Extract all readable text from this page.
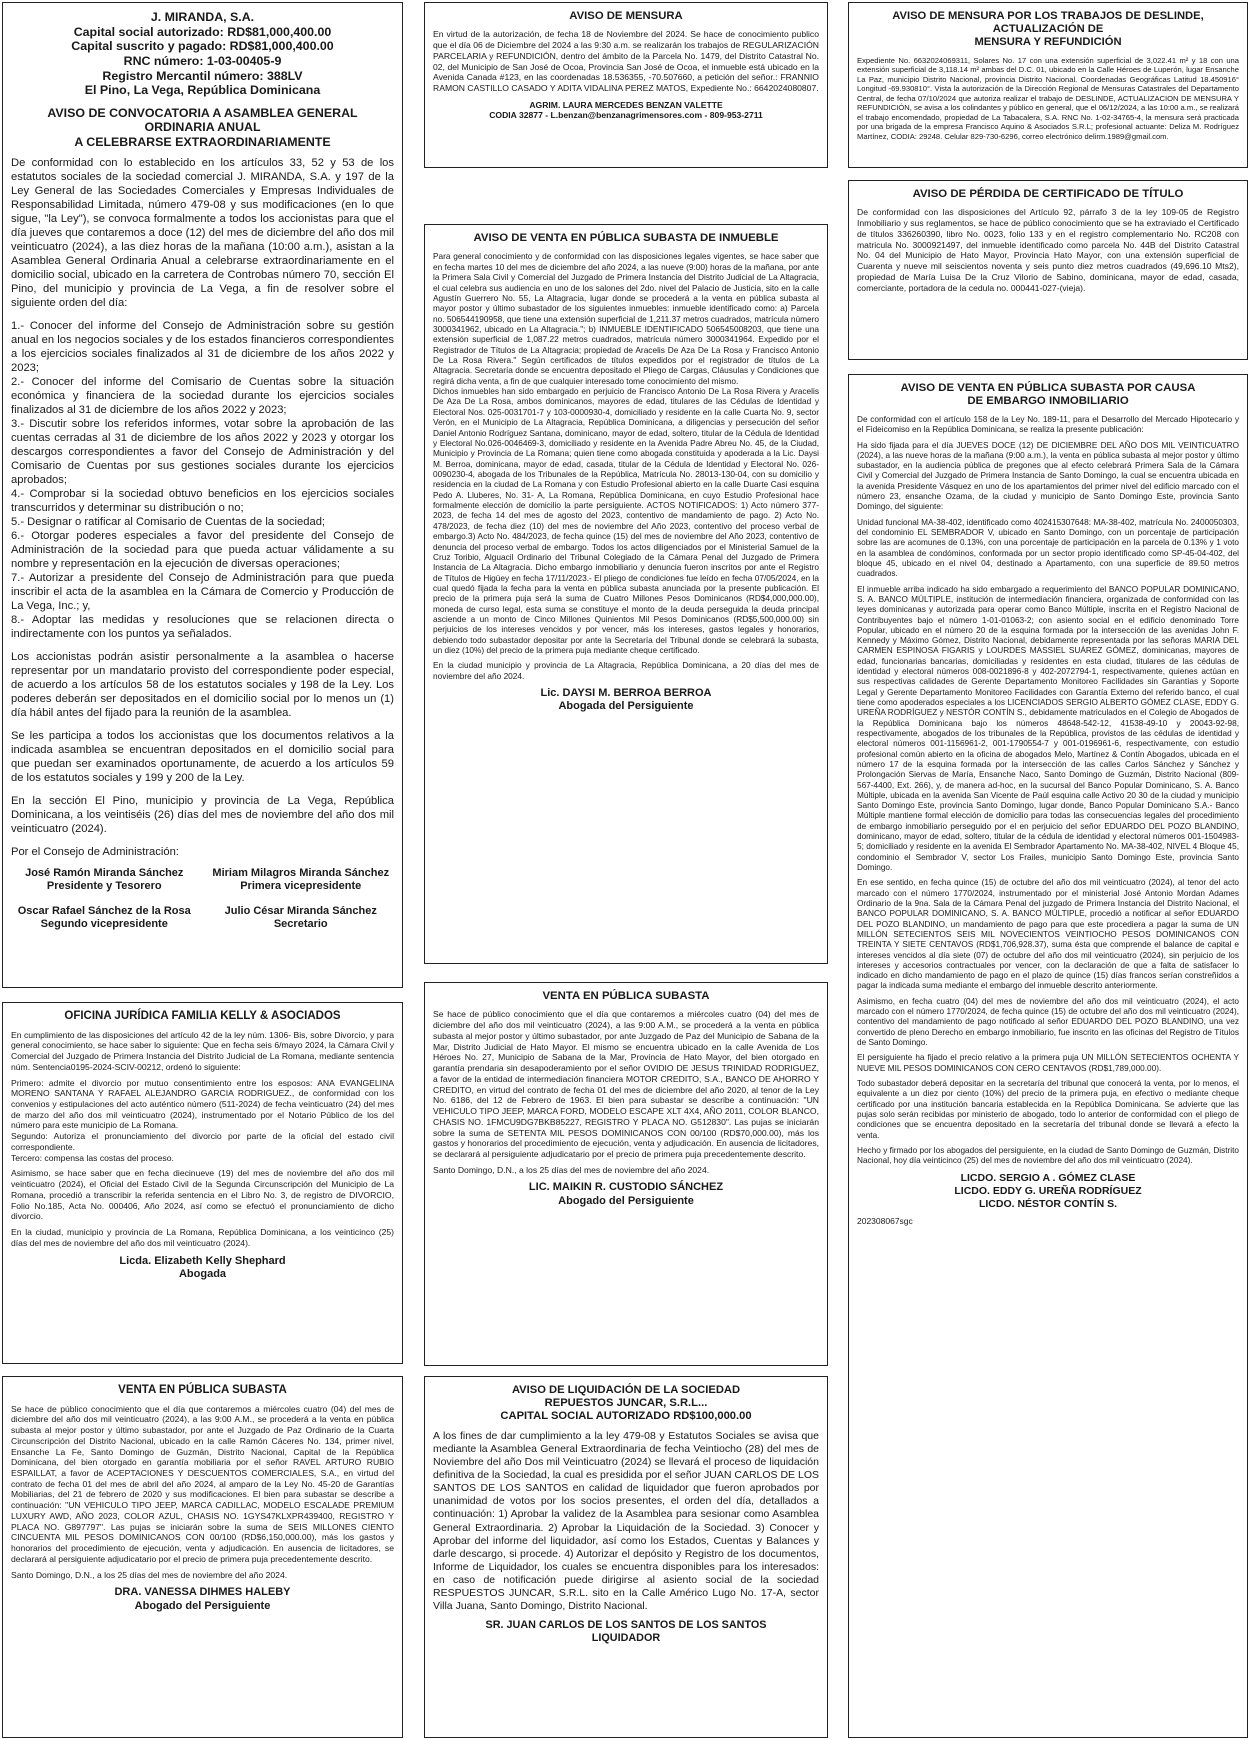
J. MIRANDA, S.A.
Capital social autorizado: RD$81,000,400.00
Capital suscrito y pagado: RD$81,000,400.00
RNC número: 1-03-00405-9
Registro Mercantil número: 388LV
El Pino, La Vega, República Dominicana
AVISO DE CONVOCATORIA A ASAMBLEA GENERAL
ORDINARIA ANUAL
A CELEBRARSE EXTRAORDINARIAMENTE

De conformidad con lo establecido en los artículos 33, 52 y 53 de los estatutos sociales de la sociedad comercial J. MIRANDA, S.A. y 197 de la Ley General de las Sociedades Comerciales y Empresas Individuales de Responsabilidad Limitada, número 479-08 y sus modificaciones (en lo que sigue, "la Ley"), se convoca formalmente a todos los accionistas para que el día jueves que contaremos a doce (12) del mes de diciembre del año dos mil veinticuatro (2024), a las diez horas de la mañana (10:00 a.m.), asistan a la Asamblea General Ordinaria Anual a celebrarse extraordinariamente en el domicilio social, ubicado en la carretera de Controbas número 70, sección El Pino, del municipio y provincia de La Vega, a fin de resolver sobre el siguiente orden del día:

1.- Conocer del informe del Consejo de Administración sobre su gestión anual en los negocios sociales y de los estados financieros correspondientes a los ejercicios sociales finalizados al 31 de diciembre de los años 2022 y 2023;
2.- Conocer del informe del Comisario de Cuentas sobre la situación económica y financiera de la sociedad durante los ejercicios sociales finalizados al 31 de diciembre de los años 2022 y 2023;
3.- Discutir sobre los referidos informes, votar sobre la aprobación de las cuentas cerradas al 31 de diciembre de los años 2022 y 2023 y otorgar los descargos correspondientes a favor del Consejo de Administración y del Comisario de Cuentas por sus gestiones sociales durante los ejercicios aprobados;
4.- Comprobar si la sociedad obtuvo beneficios en los ejercicios sociales transcurridos y determinar su distribución o no;
5.- Designar o ratificar al Comisario de Cuentas de la sociedad;
6.- Otorgar poderes especiales a favor del presidente del Consejo de Administración de la sociedad para que pueda actuar válidamente a su nombre y representación en la ejecución de diversas operaciones;
7.- Autorizar a presidente del Consejo de Administración para que pueda inscribir el acta de la asamblea en la Cámara de Comercio y Producción de La Vega, Inc.; y,
8.- Adoptar las medidas y resoluciones que se relacionen directa o indirectamente con los puntos ya señalados.

Los accionistas podrán asistir personalmente a la asamblea o hacerse representar por un mandatario provisto del correspondiente poder especial, de acuerdo a los artículos 58 de los estatutos sociales y 198 de la Ley. Los poderes deberán ser depositados en el domicilio social por lo menos un (1) día hábil antes del fijado para la reunión de la asamblea.

Se les participa a todos los accionistas que los documentos relativos a la indicada asamblea se encuentran depositados en el domicilio social para que puedan ser examinados oportunamente, de acuerdo a los artículos 59 de los estatutos sociales y 199 y 200 de la Ley.

En la sección El Pino, municipio y provincia de La Vega, República Dominicana, a los veintiséis (26) días del mes de noviembre del año dos mil veinticuatro (2024).

Por el Consejo de Administración:

José Ramón Miranda Sánchez
Presidente y Tesorero
Miriam Milagros Miranda Sánchez
Primera vicepresidente
Oscar Rafael Sánchez de la Rosa
Segundo vicepresidente
Julio César Miranda Sánchez
Secretario
OFICINA JURÍDICA FAMILIA KELLY & ASOCIADOS

En cumplimiento de las disposiciones del artículo 42 de la ley núm. 1306- Bis, sobre Divorcio, y para general conocimiento, se hace saber lo siguiente: Que en fecha seis 6/mayo 2024, la Cámara Civil y Comercial del Juzgado de Primera Instancia del Distrito Judicial de La Romana, mediante sentencia núm. Sentencia0195-2024-SCIV-00212, ordenó lo siguiente:

Primero: admite el divorcio por mutuo consentimiento entre los esposos: ANA EVANGELINA MORENO SANTANA Y RAFAEL ALEJANDRO GARCIA RODRIGUEZ., de conformidad con los convenios y estipulaciones del acto auténtico número (511-2024) de fecha veinticuatro (24) del mes de marzo del año dos mil veinticuatro (2024), instrumentado por el Notario Público de los del número para este municipio de La Romana.
Segundo: Autoriza el pronunciamiento del divorcio por parte de la oficial del estado civil correspondiente.
Tercero: compensa las costas del proceso.

Asimismo, se hace saber que en fecha diecinueve (19) del mes de noviembre del año dos mil veinticuatro (2024), el Oficial del Estado Civil de la Segunda Circunscripción del Municipio de La Romana, procedió a transcribir la referida sentencia en el Libro No. 3, de registro de DIVORCIO, Folio No.185, Acta No. 000406, Año 2024, así como se efectuó el pronunciamiento de dicho divorcio.

En la ciudad, municipio y provincia de La Romana, República Dominicana, a los veinticinco (25) días del mes de noviembre del año dos mil veinticuatro (2024).

Licda. Elizabeth Kelly Shephard
Abogada
VENTA EN PÚBLICA SUBASTA

Se hace de público conocimiento que el día que contaremos a miércoles cuatro (04) del mes de diciembre del año dos mil veinticuatro (2024), a las 9:00 A.M., se procederá a la venta en pública subasta al mejor postor y último subastador, por ante el Juzgado de Paz Ordinario de la Cuarta Circunscripción del Distrito Nacional, ubicado en la calle Ramón Cáceres No. 134, primer nivel, Ensanche La Fe, Santo Domingo de Guzmán, Distrito Nacional, Capital de la República Dominicana, del bien otorgado en garantía mobiliaria por el señor RAVEL ARTURO RUBIO ESPAILLAT, a favor de ACEPTACIONES Y DESCUENTOS COMERCIALES, S.A., en virtud del contrato de fecha 01 del mes de abril del año 2024, al amparo de la Ley No. 45-20 de Garantías Mobiliarias, del 21 de febrero de 2020 y sus modificaciones. El bien para subastar se describe a continuación: "UN VEHICULO TIPO JEEP, MARCA CADILLAC, MODELO ESCALADE PREMIUM LUXURY AWD, AÑO 2023, COLOR AZUL, CHASIS NO. 1GYS47KLXPR439400, REGISTRO Y PLACA NO. G897797". Las pujas se iniciarán sobre la suma de SEIS MILLONES CIENTO CINCUENTA MIL PESOS DOMINICANOS CON 00/100 (RD$6,150,000.00), más los gastos y honorarios del procedimiento de ejecución, venta y adjudicación. En ausencia de licitadores, se declarará al persiguiente adjudicatario por el precio de primera puja precedentemente descrito.

Santo Domingo, D.N., a los 25 días del mes de noviembre del año 2024.

DRA. VANESSA DIHMES HALEBY
Abogado del Persiguiente
AVISO DE MENSURA

En virtud de la autorización, de fecha 18 de Noviembre del 2024. Se hace de conocimiento publico que el día 06 de Diciembre del 2024 a las 9:30 a.m. se realizarán los trabajos de REGULARIZACIÓN PARCELARIA y REFUNDICIÓN, dentro del ámbito de la Parcela No. 1479, del Distrito Catastral No. 02, del Municipio de San José de Ocoa, Provincia San José de Ocoa, el inmueble está ubicado en la Avenida Canada #123, en las coordenadas 18.536355, -70.507660, a petición del señor.: FRANNIO RAMON CASTILLO CASADO Y ADITA VIDALINA PEREZ MATOS, Expediente No.: 6642024080807.

AGRIM. LAURA MERCEDES BENZAN VALETTE
CODIA 32877 - L.benzan@benzanagrimensores.com - 809-953-2711
AVISO DE VENTA EN PÚBLICA SUBASTA DE INMUEBLE

Para general conocimiento y de conformidad con las disposiciones legales vigentes, se hace saber que en fecha martes 10 del mes de diciembre del año 2024, a las nueve (9:00) horas de la mañana, por ante la Primera Sala Civil y Comercial del Juzgado de Primera Instancia del Distrito Judicial de La Altagracia, el cual celebra sus audiencia en uno de los salones del 2do. nivel del Palacio de Justicia, sito en la calle Agustín Guerrero No. 55, La Altagracia, lugar donde se procederá a la venta en pública subasta al mayor postor y último subastador de los siguientes inmuebles: inmueble identificado como: a) Parcela no. 506544190958, que tiene una extensión superficial de 1,211.37 metros cuadrados, matrícula número 3000341962, ubicado en La Altagracia."; b) INMUEBLE IDENTIFICADO 506545008203, que tiene una extensión superficial de 1,087.22 metros cuadrados, matrícula número 3000341964. Expedido por el Registrador de Títulos de La Altagracia; propiedad de Aracelis De Aza De La Rosa y Francisco Antonio De La Rosa Rivera." Según certificados de títulos expedidos por el registrador de títulos de La Altagracia. Secretaría donde se encuentra depositado el Pliego de Cargas, Cláusulas y Condiciones que regirá dicha venta, a fin de que cualquier interesado tome conocimiento del mismo.
Dichos inmuebles han sido embargado en perjuicio de Francisco Antonio De La Rosa Rivera y Aracelis De Aza De La Rosa, ambos dominicanos, mayores de edad, titulares de las Cédulas de Identidad y Electoral Nos. 025-0031701-7 y 103-0000930-4, domiciliado y residente en la calle Cuarta No. 9, sector Verón, en el Municipio de La Altagracia, República Dominicana, a diligencias y persecución del señor Daniel Antonio Rodríguez Santana, dominicano, mayor de edad, soltero, titular de la Cédula de Identidad y Electoral No.026-0046469-3, domiciliado y residente en la Avenida Padre Abreu No. 45, de la Ciudad, Municipio y Provincia de La Romana; quien tiene como abogada constituida y apoderada a la Lic. Daysi M. Berroa, dominicana, mayor de edad, casada, titular de la Cédula de Identidad y Electoral No. 026-0090230-4, abogada de los Tribunales de la República, Matrícula No. 28013-130-04, con su domicilio y residencia en la ciudad de La Romana y con Estudio Profesional abierto en la calle Duarte Casi esquina Pedo A. Lluberes, No. 31- A, La Romana, República Dominicana, en cuyo Estudio Profesional hace formalmente elección de domicilio la parte persiguiente. ACTOS NOTIFICADOS: 1) Acto número 377-2023, de fecha 14 del mes de agosto del 2023, contentivo de mandamiento de pago. 2) Acto No. 478/2023, de fecha diez (10) del mes de noviembre del Año 2023, contentivo del proceso verbal de embargo.3) Acto No. 484/2023, de fecha quince (15) del mes de noviembre del Año 2023, contentivo de denuncia del proceso verbal de embargo. Todos los actos diligenciados por el Ministerial Samuel de la Cruz Toribio, Alguacil Ordinario del Tribunal Colegiado de la Cámara Penal del Juzgado de Primera Instancia de La Altagracia. Dicho embargo inmobiliario y denuncia fueron inscritos por ante el Registro de Títulos de Higüey en fecha 17/11/2023.- El pliego de condiciones fue leído en fecha 07/05/2024, en la cual quedó fijada la fecha para la venta en pública subasta anunciada por la presente publicación. El precio de la primera puja será la suma de Cuatro Millones Pesos Dominicanos (RD$4,000,000.00), moneda de curso legal, esta suma se constituye el monto de la deuda perseguida la deuda principal asciende a un monto de Cinco Millones Quinientos Mil Pesos Dominicanos (RD$5,500,000.00) sin perjuicios de los intereses vencidos y por vencer, más los intereses, gastos legales y honorarios, debiendo todo subastador depositar por ante la Secretaría del Tribunal donde se celebrará la subasta, un diez (10%) del precio de la primera puja mediante cheque certificado.

En la ciudad municipio y provincia de La Altagracia, República Dominicana, a 20 días del mes de noviembre del año 2024.

Lic. DAYSI M. BERROA BERROA
Abogada del Persiguiente
VENTA EN PÚBLICA SUBASTA

Se hace de público conocimiento que el día que contaremos a miércoles cuatro (04) del mes de diciembre del año dos mil veinticuatro (2024), a las 9:00 A.M., se procederá a la venta en pública subasta al mejor postor y último subastador, por ante Juzgado de Paz del Municipio de Sabana de la Mar, Distrito Judicial de Hato Mayor. El mismo se encuentra ubicado en la calle Avenida de Los Héroes No. 27, Municipio de Sabana de la Mar, Provincia de Hato Mayor, del bien otorgado en garantía prendaria sin desapoderamiento por el señor OVIDIO DE JESUS TRINIDAD RODRIGUEZ, a favor de la entidad de intermediación financiera MOTOR CREDITO, S.A., BANCO DE AHORRO Y CREDITO, en virtud del contrato de fecha 01 del mes de diciembre del año 2020, al tenor de la Ley No. 6186, del 12 de Febrero de 1963. El bien para subastar se describe a continuación: "UN VEHICULO TIPO JEEP, MARCA FORD, MODELO ESCAPE XLT 4X4, AÑO 2011, COLOR BLANCO, CHASIS NO. 1FMCU9DG7BKB85227, REGISTRO Y PLACA NO. G512830". Las pujas se iniciarán sobre la suma de SETENTA MIL PESOS DOMINICANOS CON 00/100 (RD$70,000.00), más los gastos y honorarios del procedimiento de ejecución, venta y adjudicación. En ausencia de licitadores, se declarará al persiguiente adjudicatario por el precio de primera puja precedentemente descrito.

Santo Domingo, D.N., a los 25 días del mes de noviembre del año 2024.

LIC. MAIKIN R. CUSTODIO SÁNCHEZ
Abogado del Persiguiente
AVISO DE LIQUIDACIÓN DE LA SOCIEDAD
REPUESTOS JUNCAR, S.R.L...
CAPITAL SOCIAL AUTORIZADO RD$100,000.00

A los fines de dar cumplimiento a la ley 479-08 y Estatutos Sociales se avisa que mediante la Asamblea General Extraordinaria de fecha Veintiocho (28) del mes de Noviembre del año Dos mil Veinticuatro (2024) se llevará el proceso de liquidación definitiva de la Sociedad, la cual es presidida por el señor JUAN CARLOS DE LOS SANTOS DE LOS SANTOS en calidad de liquidador que fueron aprobados por unanimidad de votos por los socios presentes, el orden del día, detallados a continuación: 1) Aprobar la validez de la Asamblea para sesionar como Asamblea General Extraordinaria. 2) Aprobar la Liquidación de la Sociedad. 3) Conocer y Aprobar del informe del liquidador, así como los Estados, Cuentas y Balances y darle descargo, si procede. 4) Autorizar el depósito y Registro de los documentos, Informe de Liquidador, los cuales se encuentra disponibles para los interesados: en caso de notificación puede dirigirse al asiento social de la sociedad RESPUESTOS JUNCAR, S.R.L. sito en la Calle Américo Lugo No. 17-A, sector Villa Juana, Santo Domingo, Distrito Nacional.

SR. JUAN CARLOS DE LOS SANTOS DE LOS SANTOS
LIQUIDADOR
AVISO DE MENSURA POR LOS TRABAJOS DE DESLINDE,
ACTUALIZACIÓN DE
MENSURA Y REFUNDICIÓN

Expediente No. 6632024069311, Solares No. 17 con una extensión superficial de 3,022.41 m² y 18 con una extensión superficial de 3,118.14 m² ambas del D.C. 01, ubicado en la Calle Héroes de Luperón, lugar Ensanche La Paz, municipio Distrito Nacional, provincia Distrito Nacional. Coordenadas Geográficas Latitud 18.450916° Longitud -69.930810°. Vista la autorización de la Dirección Regional de Mensuras Catastrales del Departamento Central, de fecha 07/10/2024 que autoriza realizar el trabajo de DESLINDE, ACTUALIZACION DE MENSURA Y REFUNDICIÓN, se avisa a los colindantes y público en general, que el 06/12/2024, a las 10:00 a.m., se realizará el trabajo encomendado, propiedad de La Tabacalera, S.A. RNC No. 1-02-34765-4, la mensura será practicada por una brigada de la empresa Francisco Aquino & Asociados S.R.L; profesional actuante: Deliza M. Rodríguez Martínez, CODIA: 29248. Celular 829-730-6296, correo electrónico delirm.1989@gmail.com.

AVISO DE PÉRDIDA DE CERTIFICADO DE TÍTULO

De conformidad con las disposiciones del Artículo 92, párrafo 3 de la ley 109-05 de Registro Inmobiliario y sus reglamentos, se hace de público conocimiento que se ha extraviado el Certificado de títulos 336260390, libro No. 0023, folio 133 y en el registro complementario No. RC208 con matricula No. 3000921497, del inmueble identificado como parcela No. 44B del Distrito Catastral No. 04 del Municipio de Hato Mayor, Provincia Hato Mayor, con una extensión superficial de Cuarenta y nueve mil seiscientos noventa y seis punto diez metros cuadrados (49,696.10 Mts2), propiedad de María Luisa De la Cruz Vilorio de Sabino, dominicana, mayor de edad, casada, comerciante, portadora de la cedula no. 000441-027-(vieja).

AVISO DE VENTA EN PÚBLICA SUBASTA POR CAUSA
DE EMBARGO INMOBILIARIO

De conformidad con el artículo 158 de la Ley No. 189-11, para el Desarrollo del Mercado Hipotecario y el Fideicomiso en la República Dominicana, se realiza la presente publicación:

Ha sido fijada para el día JUEVES DOCE (12) DE DICIEMBRE DEL AÑO DOS MIL VEINTICUATRO (2024), a las nueve horas de la mañana (9:00 a.m.), la venta en pública subasta al mejor postor y último subastador, en la audiencia pública de pregones que al efecto celebrará Primera Sala de la Cámara Civil y Comercial del Juzgado de Primera Instancia de Santo Domingo, la cual se encuentra ubicada en la avenida Presidente Vásquez en uno de los apartamientos del primer nivel del edificio marcado con el número 23, ensanche Ozama, de la ciudad y municipio de Santo Domingo Este, provincia Santo Domingo, del siguiente:

Unidad funcional MA-38-402, identificado como 402415307648: MA-38-402, matrícula No. 2400050303, del condominio EL SEMBRADOR V, ubicado en Santo Domingo, con un porcentaje de participación sobre las are acomunes de 0.13%, con una porcentaje de participación en la parcela de 0.13% y 1 voto en la asamblea de condóminos, conformada por un sector propio identificado como SP-45-04-402, del bloque 45, ubicado en el nivel 04, destinado a Apartamento, con una superficie de 89.50 metros cuadrados.

El inmueble arriba indicado ha sido embargado a requerimiento del BANCO POPULAR DOMINICANO, S. A. BANCO MÚLTIPLE, institución de intermediación financiera, organizada de conformidad con las leyes dominicanas y autorizada para operar como Banco Múltiple, inscrita en el Registro Nacional de Contribuyentes bajo el número 1-01-01063-2; con asiento social en el edificio denominado Torre Popular, ubicado en el número 20 de la esquina formada por la intersección de las avenidas John F. Kennedy y Máximo Gómez, Distrito Nacional, debidamente representada por las señoras MARIA DEL CARMEN ESPINOSA FIGARIS y LOURDES MASSIEL SUÁREZ GÓMEZ, dominicanas, mayores de edad, funcionarias bancarias, domiciliadas y residentes en esta ciudad, titulares de las cédulas de identidad y electoral números 008-0021896-8 y 402-2072794-1, respectivamente, quienes actúan en sus respectivas calidades de Gerente Departamento Monitoreo Facilidades sin Garantías y Soporte Legal y Gerente Departamento Monitoreo Facilidades con Garantía Externo del referido banco, el cual tiene como apoderados especiales a los LICENCIADOS SERGIO ALBERTO GÓMEZ CLASE, EDDY G. UREÑA RODRÍGUEZ y NESTÓR CONTÍN S., debidamente matriculados en el Colegio de Abogados de la República Dominicana bajo los números 48648-542-12, 41538-49-10 y 20043-92-98, respectivamente, abogados de los tribunales de la República, provistos de las cédulas de identidad y electoral números 001-1156961-2, 001-1790554-7 y 001-0196961-6, respectivamente, con estudio profesional común abierto en la oficina de abogados Melo, Martínez & Contín Abogados, ubicada en el número 17 de la esquina formada por la intersección de las calles Carlos Sánchez y Sánchez y Prolongación Siervas de María, Ensanche Naco, Santo Domingo de Guzmán, Distrito Nacional (809-567-4400, Ext. 266), y, de manera ad-hoc, en la sucursal del Banco Popular Dominicano, S. A. Banco Múltiple, ubicada en la avenida San Vicente de Paúl esquina calle Activo 20 30 de la ciudad y municipio Santo Domingo Este, provincia Santo Domingo, lugar donde, Banco Popular Dominicano S.A.- Banco Múltiple mantiene formal elección de domicilio para todas las consecuencias legales del procedimiento de embargo inmobiliario perseguido por el en perjuicio del señor EDUARDO DEL POZO BLANDINO, dominicano, mayor de edad, soltero, titular de la cédula de identidad y electoral números 001-1504983-5; domiciliado y residente en la avenida El Sembrador Apartamento No. MA-38-402, NIVEL 4 Bloque 45, condominio el Sembrador V, sector Los Frailes, municipio Santo Domingo Este, provincia Santo Domingo.

En ese sentido, en fecha quince (15) de octubre del año dos mil veinticuatro (2024), al tenor del acto marcado con el número 1770/2024, instrumentado por el ministerial José Antonio Mordan Adames Ordinario de la 9na. Sala de la Cámara Penal del juzgado de Primera Instancia del Distrito Nacional, el BANCO POPULAR DOMINICANO, S. A. BANCO MÚLTIPLE, procedió a notificar al señor EDUARDO DEL POZO BLANDINO, un mandamiento de pago para que este procediera a pagar la suma de UN MILLÓN SETECIENTOS SEIS MIL NOVECIENTOS VEINTIOCHO PESOS DOMINICANOS CON TREINTA Y SIETE CENTAVOS (RD$1,706,928.37), suma ésta que comprende el balance de capital e intereses vencidos al día siete (07) de octubre del año dos mil veinticuatro (2024), sin perjuicio de los intereses y accesorios contractuales por vencer, con la declaración de que a falta de satisfacer lo indicado en dicho mandamiento de pago en el plazo de quince (15) días francos serían constreñidos a pagar la indicada suma mediante el embargo del inmueble descrito anteriormente.

Asimismo, en fecha cuatro (04) del mes de noviembre del año dos mil veinticuatro (2024), el acto marcado con el número 1770/2024, de fecha quince (15) de octubre del año dos mil veinticuatro (2024), contentivo del mandamiento de pago notificado al señor EDUARDO DEL POZO BLANDINO, una vez convertido de pleno Derecho en embargo inmobiliario, fue inscrito en las oficinas del Registro de Títulos de Santo Domingo.

El persiguiente ha fijado el precio relativo a la primera puja UN MILLÓN SETECIENTOS OCHENTA Y NUEVE MIL PESOS DOMINICANOS CON CERO CENTAVOS (RD$1,789,000.00).

Todo subastador deberá depositar en la secretaría del tribunal que conocerá la venta, por lo menos, el equivalente a un diez por ciento (10%) del precio de la primera puja, en efectivo o mediante cheque certificado por una institución bancaria establecida en la República Dominicana. Se advierte que las pujas solo serán recibidas por ministerio de abogado, todo lo anterior de conformidad con el pliego de condiciones que se encuentra depositado en la secretaría del tribunal donde se llevará a efecto la venta.

Hecho y firmado por los abogados del persiguiente, en la ciudad de Santo Domingo de Guzmán, Distrito Nacional, hoy día veinticinco (25) del mes de noviembre del año dos mil veinticuatro (2024).

LICDO. SERGIO A . GÓMEZ CLASE
LICDO. EDDY G. UREÑA RODRÍGUEZ
LICDO. NÉSTOR CONTÍN S.
202308067sgc
